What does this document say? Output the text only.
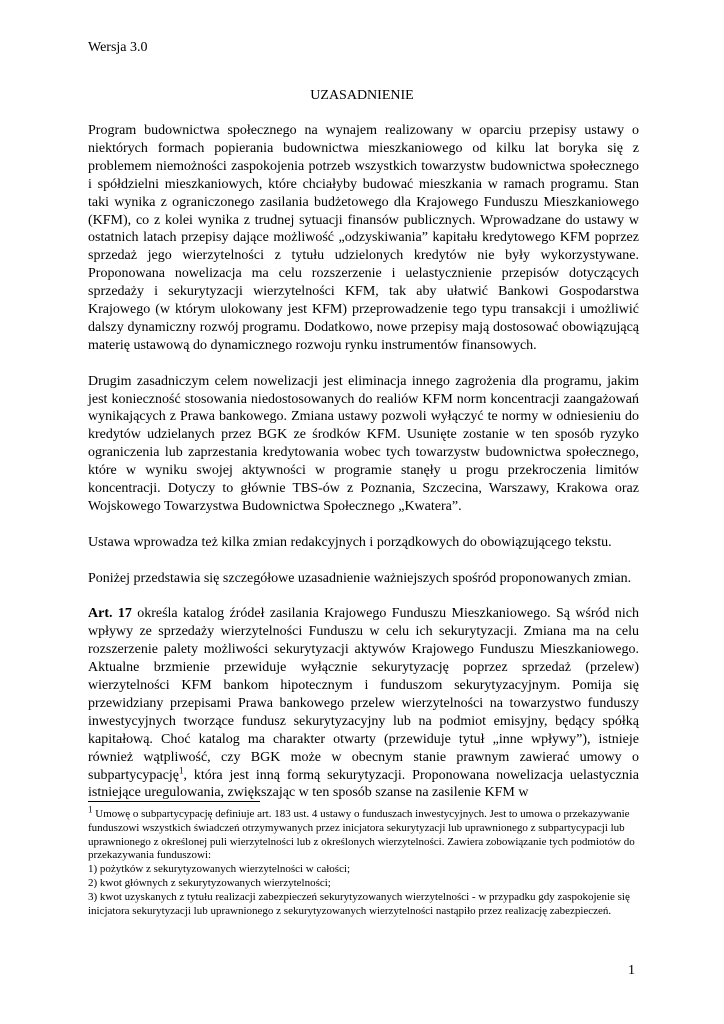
Wersja 3.0

UZASADNIENIE

Program budownictwa społecznego na wynajem realizowany w oparciu przepisy ustawy o niektórych formach popierania budownictwa mieszkaniowego od kilku lat boryka się z problemem niemożności zaspokojenia potrzeb wszystkich towarzystw budownictwa społecznego i spółdzielni mieszkaniowych, które chciałyby budować mieszkania w ramach programu. Stan taki wynika z ograniczonego zasilania budżetowego dla Krajowego Funduszu Mieszkaniowego (KFM), co z kolei wynika z trudnej sytuacji finansów publicznych. Wprowadzane do ustawy w ostatnich latach przepisy dające możliwość „odzyskiwania” kapitału kredytowego KFM poprzez sprzedaż jego wierzytelności z tytułu udzielonych kredytów nie były wykorzystywane. Proponowana nowelizacja ma celu rozszerzenie i uelastycznienie przepisów dotyczących sprzedaży i sekurytyzacji wierzytelności KFM, tak aby ułatwić Bankowi Gospodarstwa Krajowego (w którym ulokowany jest KFM) przeprowadzenie tego typu transakcji i umożliwić dalszy dynamiczny rozwój programu. Dodatkowo, nowe przepisy mają dostosować obowiązującą materię ustawową do dynamicznego rozwoju rynku instrumentów finansowych.

Drugim zasadniczym celem nowelizacji jest eliminacja innego zagrożenia dla programu, jakim jest konieczność stosowania niedostosowanych do realiów KFM norm koncentracji zaangażowań wynikających z Prawa bankowego. Zmiana ustawy pozwoli wyłączyć te normy w odniesieniu do kredytów udzielanych przez BGK ze środków KFM. Usunięte zostanie w ten sposób ryzyko ograniczenia lub zaprzestania kredytowania wobec tych towarzystw budownictwa społecznego, które w wyniku swojej aktywności w programie stanęły u progu przekroczenia limitów koncentracji. Dotyczy to głównie TBS-ów z Poznania, Szczecina, Warszawy, Krakowa oraz Wojskowego Towarzystwa Budownictwa Społecznego „Kwatera”.

Ustawa wprowadza też kilka zmian redakcyjnych i porządkowych do obowiązującego tekstu.

Poniżej przedstawia się szczegółowe uzasadnienie ważniejszych spośród proponowanych zmian.

Art. 17 określa katalog źródeł zasilania Krajowego Funduszu Mieszkaniowego. Są wśród nich wpływy ze sprzedaży wierzytelności Funduszu w celu ich sekurytyzacji. Zmiana ma na celu rozszerzenie palety możliwości sekurytyzacji aktywów Krajowego Funduszu Mieszkaniowego. Aktualne brzmienie przewiduje wyłącznie sekurytyzację poprzez sprzedaż (przelew) wierzytelności KFM bankom hipotecznym i funduszom sekurytyzacyjnym. Pomija się przewidziany przepisami Prawa bankowego przelew wierzytelności na towarzystwo funduszy inwestycyjnych tworzące fundusz sekurytyzacyjny lub na podmiot emisyjny, będący spółką kapitałową. Choć katalog ma charakter otwarty (przewiduje tytuł „inne wpływy”), istnieje również wątpliwość, czy BGK może w obecnym stanie prawnym zawierać umowy o subpartycypację$^1$, która jest inną formą sekurytyzacji. Proponowana nowelizacja uelastycznia istniejące uregulowania, zwiększając w ten sposób szanse na zasilenie KFM w

$^1$ Umowę o subpartycypację definiuje art. 183 ust. 4 ustawy o funduszach inwestycyjnych. Jest to umowa o przekazywanie funduszowi wszystkich świadczeń otrzymywanych przez inicjatora sekurytyzacji lub uprawnionego z subpartycypacji lub uprawnionego z określonej puli wierzytelności lub z określonych wierzytelności. Zawiera zobowiązanie tych podmiotów do przekazywania funduszowi:

1) pożytków z sekurytyzowanych wierzytelności w całości;

2) kwot głównych z sekurytyzowanych wierzytelności;

3) kwot uzyskanych z tytułu realizacji zabezpieczeń sekurytyzowanych wierzytelności - w przypadku gdy zaspokojenie się inicjatora sekurytyzacji lub uprawnionego z sekurytyzowanych wierzytelności nastąpiło przez realizację zabezpieczeń.

1
